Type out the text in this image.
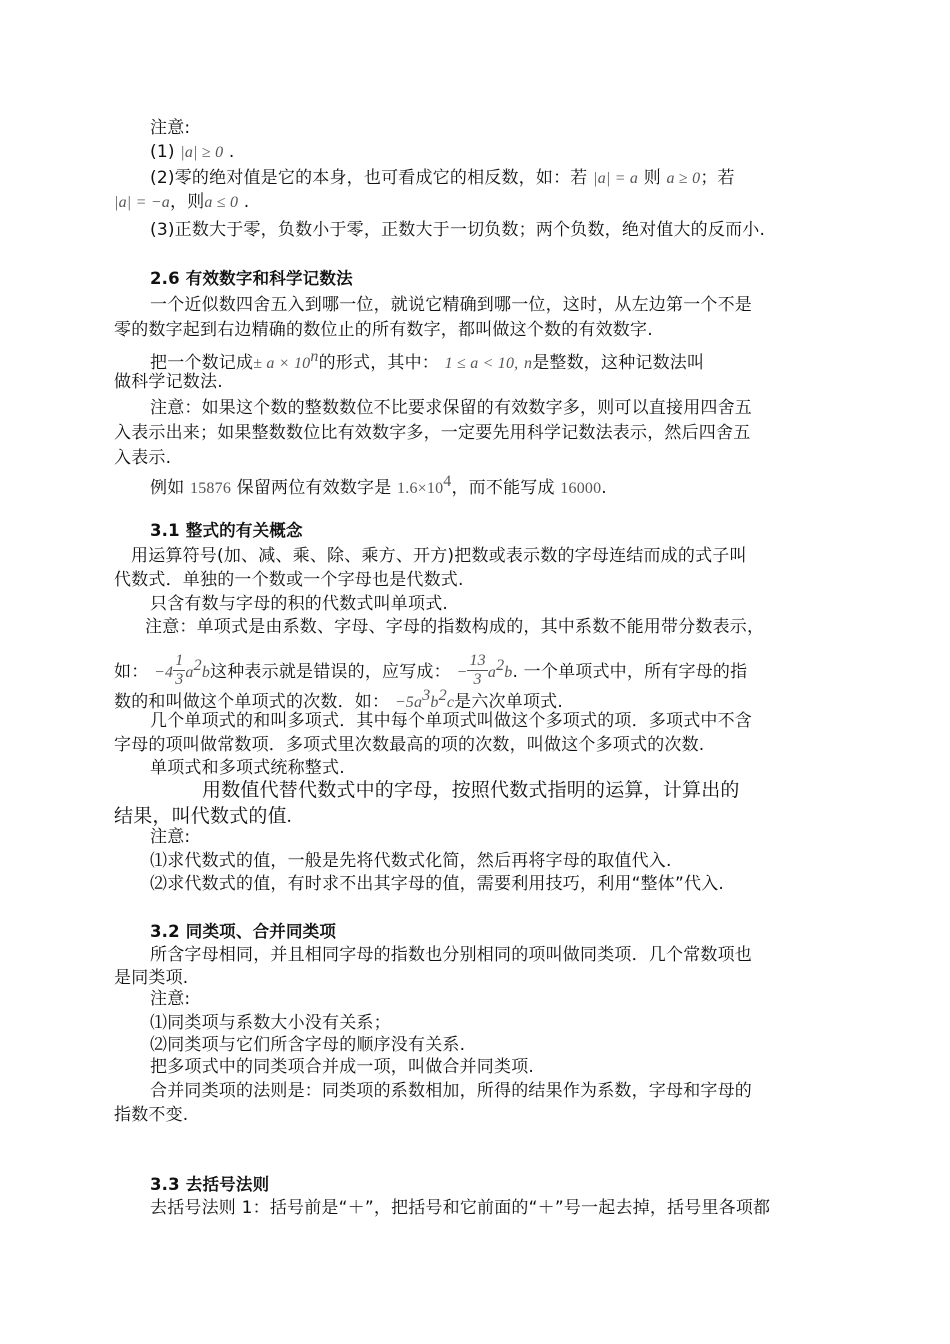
注意:
(1) |a| ≥ 0 .
(2)零的绝对值是它的本身，也可看成它的相反数，如：若 |a| = a 则 a ≥ 0；若
|a| = −a，则a ≤ 0 .
(3)正数大于零，负数小于零，正数大于一切负数；两个负数，绝对值大的反而小.
2.6 有效数字和科学记数法
一个近似数四舍五入到哪一位，就说它精确到哪一位，这时，从左边第一个不是
零的数字起到右边精确的数位止的所有数字，都叫做这个数的有效数字.
把一个数记成± $a \times 10^n$的形式，其中： 1 ≤ a < 10, n是整数，这种记数法叫
做科学记数法.
注意：如果这个数的整数数位不比要求保留的有效数字多，则可以直接用四舍五
入表示出来；如果整数数位比有效数字多，一定要先用科学记数法表示，然后四舍五
入表示.
例如 15876 保留两位有效数字是 $1.6\times 10^4$，而不能写成 16000.
3.1 整式的有关概念
用运算符号(加、减、乘、除、乘方、开方)把数或表示数的字母连结而成的式子叫
代数式．单独的一个数或一个字母也是代数式.
只含有数与字母的积的代数式叫单项式.
注意：单项式是由系数、字母、字母的指数构成的，其中系数不能用带分数表示，
如： $-4 \frac{1}{3} a^2b$这种表示就是错误的，应写成： − $\frac{13}{3} a^2b$. 一个单项式中，所有字母的指
数的和叫做这个单项式的次数．如： $-5a^3b^2c$是六次单项式.
几个单项式的和叫多项式．其中每个单项式叫做这个多项式的项．多项式中不含
字母的项叫做常数项．多项式里次数最高的项的次数，叫做这个多项式的次数.
单项式和多项式统称整式.
用数值代替代数式中的字母，按照代数式指明的运算，计算出的
结果，叫代数式的值.
注意:
⑴求代数式的值，一般是先将代数式化简，然后再将字母的取值代入.
⑵求代数式的值，有时求不出其字母的值，需要利用技巧，利用“整体”代入.
3.2 同类项、合并同类项
所含字母相同，并且相同字母的指数也分别相同的项叫做同类项．几个常数项也
是同类项.
注意:
⑴同类项与系数大小没有关系；
⑵同类项与它们所含字母的顺序没有关系.
把多项式中的同类项合并成一项，叫做合并同类项.
合并同类项的法则是：同类项的系数相加，所得的结果作为系数，字母和字母的
指数不变.
3.3 去括号法则
去括号法则 1：括号前是“＋”，把括号和它前面的“＋”号一起去掉，括号里各项都
